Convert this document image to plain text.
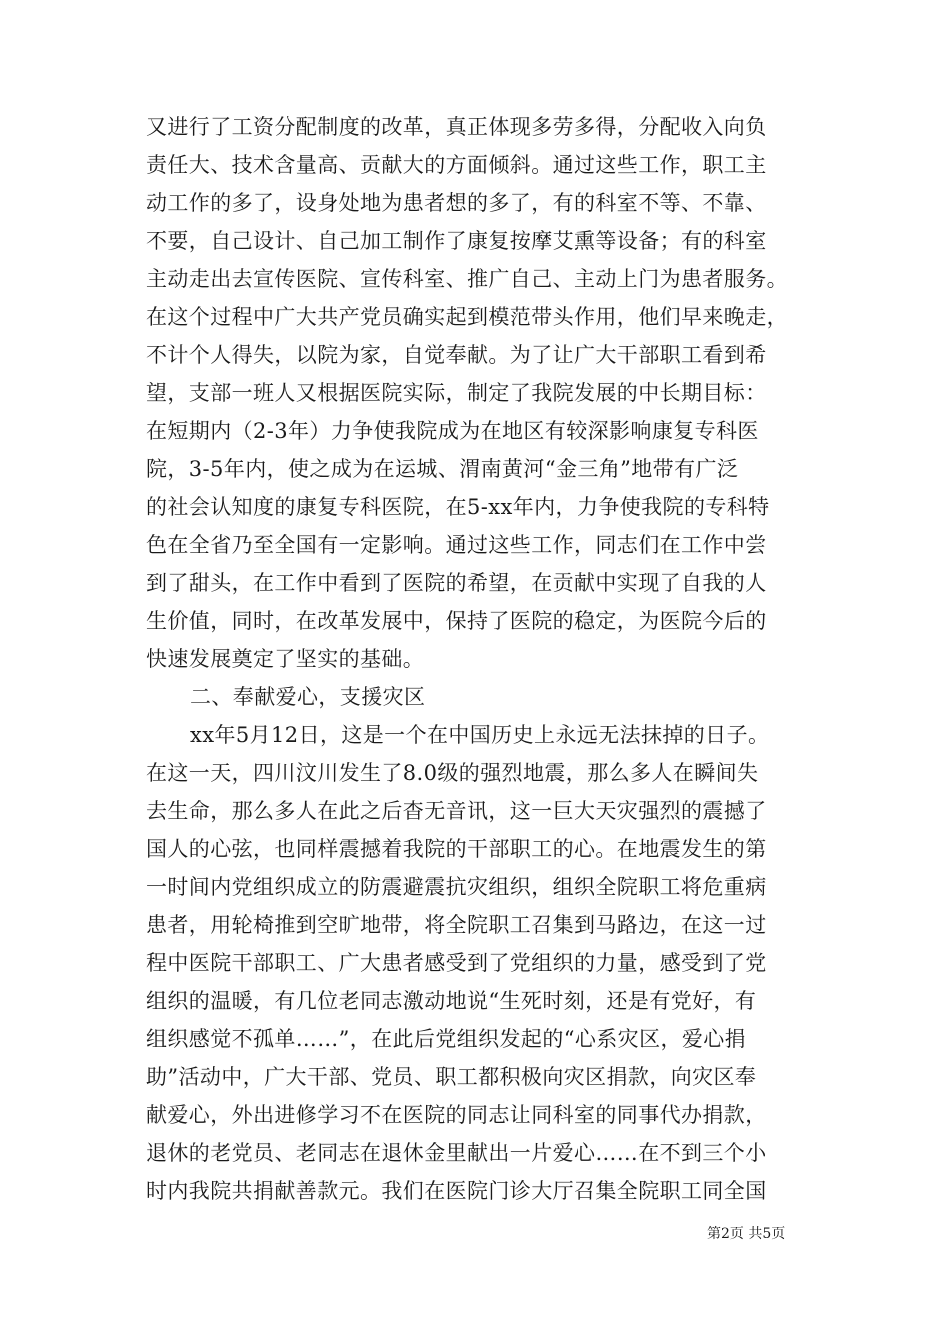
又进行了工资分配制度的改革，真正体现多劳多得，分配收入向负
责任大、技术含量高、贡献大的方面倾斜。通过这些工作，职工主
动工作的多了，设身处地为患者想的多了，有的科室不等、不靠、
不要，自己设计、自己加工制作了康复按摩艾熏等设备；有的科室
主动走出去宣传医院、宣传科室、推广自己、主动上门为患者服务。
在这个过程中广大共产党员确实起到模范带头作用，他们早来晚走，
不计个人得失，以院为家，自觉奉献。为了让广大干部职工看到希
望，支部一班人又根据医院实际，制定了我院发展的中长期目标：
在短期内（2-3年）力争使我院成为在地区有较深影响康复专科医
院，3-5年内，使之成为在运城、渭南黄河“金三角”地带有广泛
的社会认知度的康复专科医院，在5-xx年内，力争使我院的专科特
色在全省乃至全国有一定影响。通过这些工作，同志们在工作中尝
到了甜头，在工作中看到了医院的希望，在贡献中实现了自我的人
生价值，同时，在改革发展中，保持了医院的稳定，为医院今后的
快速发展奠定了坚实的基础。
二、奉献爱心，支援灾区
xx年5月12日，这是一个在中国历史上永远无法抹掉的日子。
在这一天，四川汶川发生了8.0级的强烈地震，那么多人在瞬间失
去生命，那么多人在此之后杳无音讯，这一巨大天灾强烈的震撼了
国人的心弦，也同样震撼着我院的干部职工的心。在地震发生的第
一时间内党组织成立的防震避震抗灾组织，组织全院职工将危重病
患者，用轮椅推到空旷地带，将全院职工召集到马路边，在这一过
程中医院干部职工、广大患者感受到了党组织的力量，感受到了党
组织的温暖，有几位老同志激动地说“生死时刻，还是有党好，有
组织感觉不孤单……”，在此后党组织发起的“心系灾区，爱心捐
助”活动中，广大干部、党员、职工都积极向灾区捐款，向灾区奉
献爱心，外出进修学习不在医院的同志让同科室的同事代办捐款，
退休的老党员、老同志在退休金里献出一片爱心……在不到三个小
时内我院共捐献善款元。我们在医院门诊大厅召集全院职工同全国
第2页 共5页
